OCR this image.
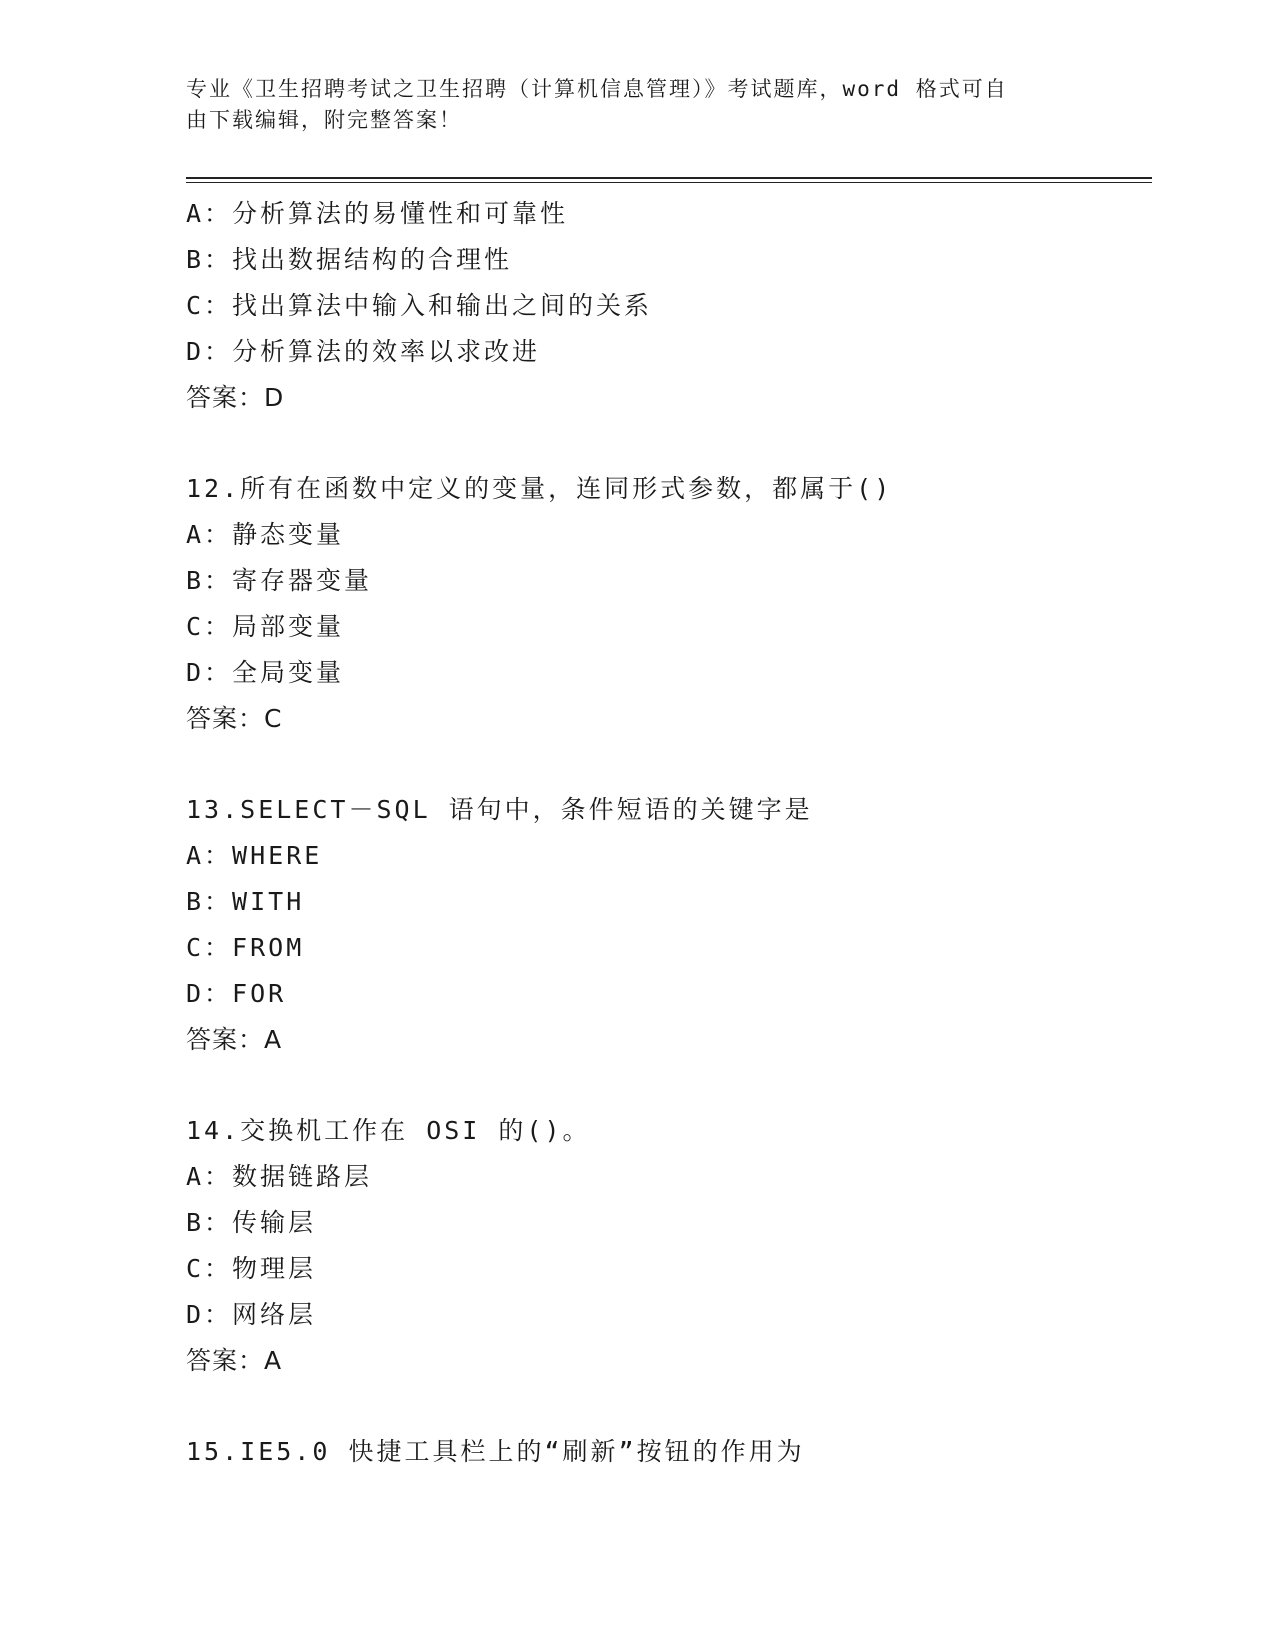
专业《卫生招聘考试之卫生招聘（计算机信息管理）》考试题库，word 格式可自
由下载编辑，附完整答案！
A：分析算法的易懂性和可靠性
B：找出数据结构的合理性
C：找出算法中输入和输出之间的关系
D：分析算法的效率以求改进
答案：D
12.所有在函数中定义的变量，连同形式参数，都属于()
A：静态变量
B：寄存器变量
C：局部变量
D：全局变量
答案：C
13.SELECT－SQL 语句中，条件短语的关键字是
A：WHERE
B：WITH
C：FROM
D：FOR
答案：A
14.交换机工作在 OSI 的()。
A：数据链路层
B：传输层
C：物理层
D：网络层
答案：A
15.IE5.0 快捷工具栏上的“刷新”按钮的作用为
